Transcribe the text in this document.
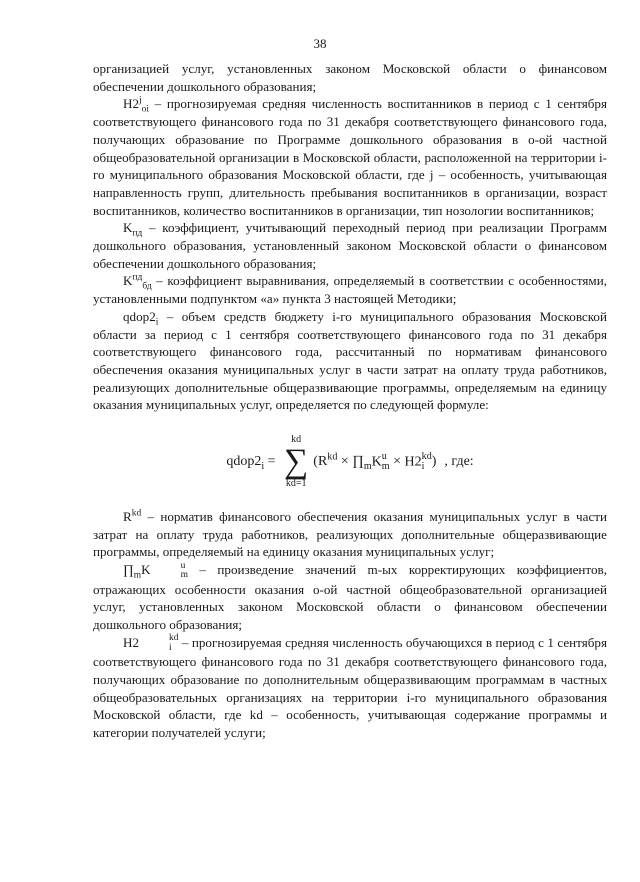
38

организацией услуг, установленных законом Московской области о финансовом обеспечении дошкольного образования;

$H2^j_{oi}$ – прогнозируемая средняя численность воспитанников в период с 1 сентября соответствующего финансового года по 31 декабря соответствующего финансового года, получающих образование по Программе дошкольного образования в о-ой частной общеобразовательной организации в Московской области, расположенной на территории i-го муниципального образования Московской области, где j – особенность, учитывающая направленность групп, длительность пребывания воспитанников в организации, возраст воспитанников, количество воспитанников в организации, тип нозологии воспитанников;

$K_{пд}$ – коэффициент, учитывающий переходный период при реализации Программ дошкольного образования, установленный законом Московской области о финансовом обеспечении дошкольного образования;

$K^{пд}_{бд}$ – коэффициент выравнивания, определяемый в соответствии с особенностями, установленными подпунктом «а» пункта 3 настоящей Методики;

$qdop2_i$ – объем средств бюджету i-го муниципального образования Московской области за период с 1 сентября соответствующего финансового года по 31 декабря соответствующего финансового года, рассчитанный по нормативам финансового обеспечения оказания муниципальных услуг в части затрат на оплату труда работников, реализующих дополнительные общеразвивающие программы, определяемым на единицу оказания муниципальных услуг, определяется по следующей формуле:

$qdop2_i$ =
kd
∑
kd=1
( $R^{kd}$ × $\prod_m$ K u
m × H2 kd
i ) , где:

$R^{kd}$ – норматив финансового обеспечения оказания муниципальных услуг в части затрат на оплату труда работников, реализующих дополнительные общеразвивающие программы, определяемый на единицу оказания муниципальных услуг;

$\prod_mK$	u
m – произведение значений m-ых корректирующих коэффициентов, отражающих особенности оказания о-ой частной общеобразовательной организацией услуг, установленных законом Московской области о финансовом обеспечении дошкольного образования;

H2	kd
i – прогнозируемая средняя численность обучающихся в период с 1 сентября соответствующего финансового года по 31 декабря соответствующего финансового года, получающих образование по дополнительным общеразвивающим программам в частных общеобразовательных организациях на территории i-го муниципального образования Московской области, где kd – особенность, учитывающая содержание программы и категории получателей услуги;
